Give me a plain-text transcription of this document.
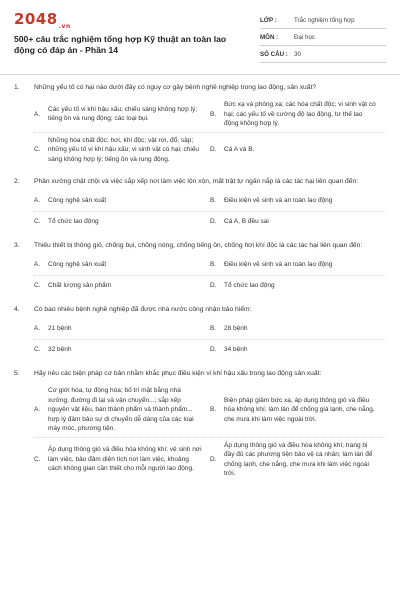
$2048_{.vn}$
500+ câu trắc nghiệm tổng hợp Kỹ thuật an toàn lao động có đáp án - Phần 14
LỚP :	Trắc nghiệm tổng hợp
MÔN :	Đại học
SỐ CÂU : 30
1.	Những yếu tố có hại nào dưới đây có nguy cơ gây bệnh nghề nghiệp trong lao động, sản xuất?
A.
Các yếu tố vi khí hậu xấu; chiếu sáng không hợp lý; tiếng ồn và rung động; các loại bụi.
B.
Bức xạ và phóng xạ; các hóa chất độc; vi sinh vật có hại; các yếu tố về cường độ lao động, tư thế lao động không hợp lý.
C.
Những hóa chất độc; hơi, khí độc; vật rơi, đổ, sập; những yếu tố vi khí hậu xấu; vi sinh vật có hại; chiếu sáng không hợp lý; tiếng ồn và rung động.
D.	Cả A và B.
2.	Phân xưởng chật chội và việc sắp xếp nơi làm việc lộn xộn, mất trật tự ngăn nắp là các tác hại liên quan đến:
A.	Công nghệ sản xuất	B.	Điều kiện vệ sinh và an toàn lao động
C.	Tổ chức lao động	D.	Cả A, B đều sai
3.	Thiếu thiết bị thông gió, chống bụi, chống nóng, chống tiếng ồn, chống hơi khí độc là các tác hại liên quan đến:
A.	Công nghệ sản xuất	B.	Điều kiện vệ sinh và an toàn lao động
C.	Chất lượng sản phẩm	D.	Tổ chức lao động
4.	Có bao nhiêu bệnh nghề nghiệp đã được nhà nước công nhận bảo hiểm:
A.	21 bệnh	B.	28 bệnh
C.	32 bệnh	D.	34 bệnh
5.	Hãy nêu các biện pháp cơ bản nhằm khắc phục điều kiện vi khí hậu xấu trong lao động sản xuất:
A.
Cơ giới hóa, tự động hóa; bố trí mặt bằng nhà xưởng, đường đi lại và vận chuyển...; sắp xếp nguyên vật liệu, bán thành phẩm và thành phẩm... hợp lý đảm bảo sự di chuyển dễ dàng của các loại máy móc, phương tiện.
B.
Biện pháp giảm bức xạ, áp dụng thông gió và điều hòa không khí; làm lán để chống giá lạnh, che nắng, che mưa khi làm việc ngoài trời.
C.
Áp dụng thông gió và điều hòa không khí; vệ sinh nơi làm việc, bảo đảm diện tích nơi làm việc, khoảng cách không gian cần thiết cho mỗi người lao động.
D.
Áp dụng thông gió và điều hòa không khí; trang bị đầy đủ các phương tiện bảo vệ cá nhân; làm lán để chống lạnh, che nắng, che mưa khi làm việc ngoài trời.
